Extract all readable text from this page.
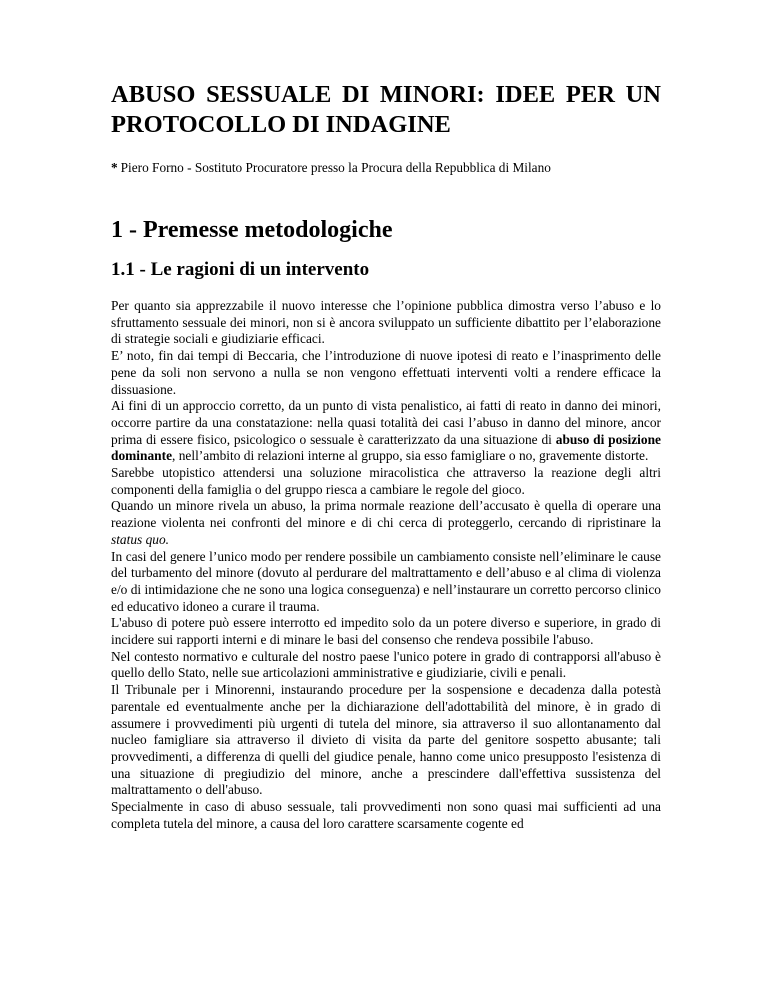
ABUSO SESSUALE DI MINORI: IDEE PER UN PROTOCOLLO DI INDAGINE
* Piero Forno - Sostituto Procuratore presso la Procura della Repubblica di Milano
1 - Premesse metodologiche
1.1 - Le ragioni di un intervento

Per quanto sia apprezzabile il nuovo interesse che l’opinione pubblica dimostra verso l’abuso e lo sfruttamento sessuale dei minori, non si è ancora sviluppato un sufficiente dibattito per l’elaborazione di strategie sociali e giudiziarie efficaci.

E’ noto, fin dai tempi di Beccaria, che l’introduzione di nuove ipotesi di reato e l’inasprimento delle pene da soli non servono a nulla se non vengono effettuati interventi volti a rendere efficace la dissuasione.

Ai fini di un approccio corretto, da un punto di vista penalistico, ai fatti di reato in danno dei minori, occorre partire da una constatazione: nella quasi totalità dei casi l’abuso in danno del minore, ancor prima di essere fisico, psicologico o sessuale è caratterizzato da una situazione di abuso di posizione dominante, nell’ambito di relazioni interne al gruppo, sia esso famigliare o no, gravemente distorte.

Sarebbe utopistico attendersi una soluzione miracolistica che attraverso la reazione degli altri componenti della famiglia o del gruppo riesca a cambiare le regole del gioco.

Quando un minore rivela un abuso, la prima normale reazione dell’accusato è quella di operare una reazione violenta nei confronti del minore e di chi cerca di proteggerlo, cercando di ripristinare la status quo.

In casi del genere l’unico modo per rendere possibile un cambiamento consiste nell’eliminare le cause del turbamento del minore (dovuto al perdurare del maltrattamento e dell’abuso e al clima di violenza e/o di intimidazione che ne sono una logica conseguenza) e nell’instaurare un corretto percorso clinico ed educativo idoneo a curare il trauma.

L'abuso di potere può essere interrotto ed impedito solo da un potere diverso e superiore, in grado di incidere sui rapporti interni e di minare le basi del consenso che rendeva possibile l'abuso.

Nel contesto normativo e culturale del nostro paese l'unico potere in grado di contrapporsi all'abuso è quello dello Stato, nelle sue articolazioni amministrative e giudiziarie, civili e penali.

Il Tribunale per i Minorenni, instaurando procedure per la sospensione e decadenza dalla potestà parentale ed eventualmente anche per la dichiarazione dell'adottabilità del minore, è in grado di assumere i provvedimenti più urgenti di tutela del minore, sia attraverso il suo allontanamento dal nucleo famigliare sia attraverso il divieto di visita da parte del genitore sospetto abusante; tali provvedimenti, a differenza di quelli del giudice penale, hanno come unico presupposto l'esistenza di una situazione di pregiudizio del minore, anche a prescindere dall'effettiva sussistenza del maltrattamento o dell'abuso.

Specialmente in caso di abuso sessuale, tali provvedimenti non sono quasi mai sufficienti ad una completa tutela del minore, a causa del loro carattere scarsamente cogente ed
